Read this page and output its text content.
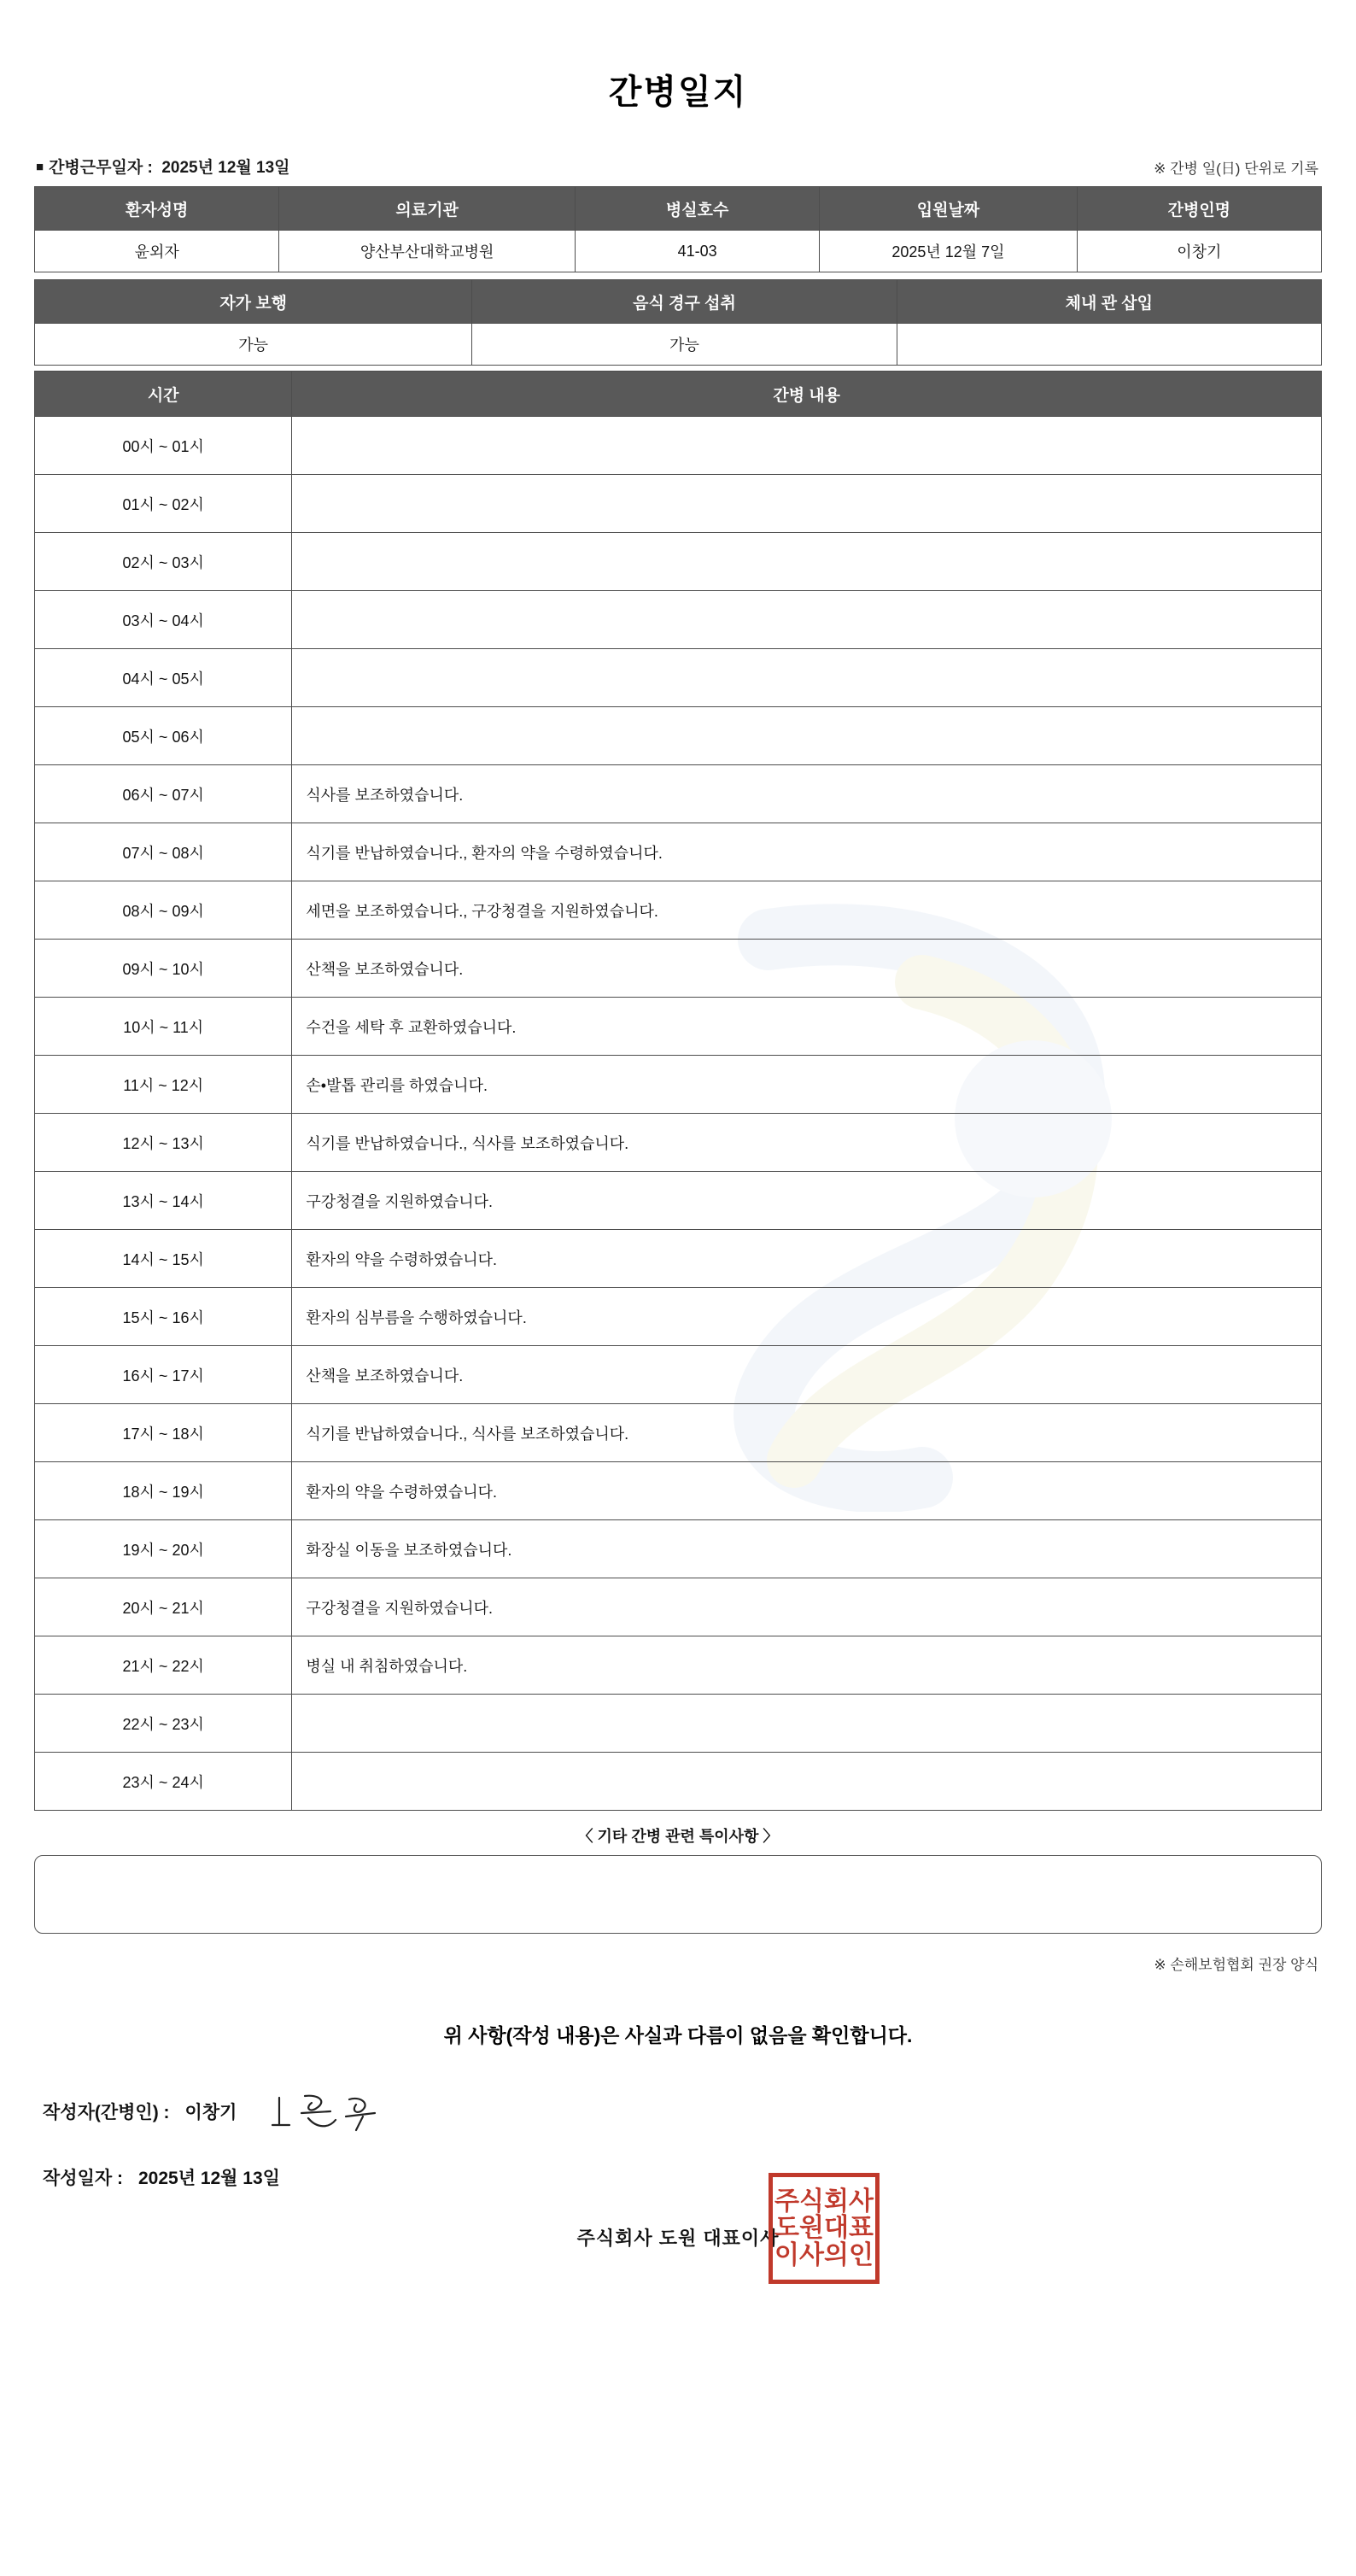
간병일지
■ 간병근무일자 : 2025년 12월 13일	※ 간병 일(日) 단위로 기록
환자성명	의료기관	병실호수	입원날짜	간병인명
윤외자	양산부산대학교병원	41-03	2025년 12월 7일	이창기
자가 보행	음식 경구 섭취	체내 관 삽입
가능	가능	
시간	간병 내용
00시 ~ 01시	
01시 ~ 02시	
02시 ~ 03시	
03시 ~ 04시	
04시 ~ 05시	
05시 ~ 06시	
06시 ~ 07시	식사를 보조하였습니다.
07시 ~ 08시	식기를 반납하였습니다., 환자의 약을 수령하였습니다.
08시 ~ 09시	세면을 보조하였습니다., 구강청결을 지원하였습니다.
09시 ~ 10시	산책을 보조하였습니다.
10시 ~ 11시	수건을 세탁 후 교환하였습니다.
11시 ~ 12시	손•발톱 관리를 하였습니다.
12시 ~ 13시	식기를 반납하였습니다., 식사를 보조하였습니다.
13시 ~ 14시	구강청결을 지원하였습니다.
14시 ~ 15시	환자의 약을 수령하였습니다.
15시 ~ 16시	환자의 심부름을 수행하였습니다.
16시 ~ 17시	산책을 보조하였습니다.
17시 ~ 18시	식기를 반납하였습니다., 식사를 보조하였습니다.
18시 ~ 19시	환자의 약을 수령하였습니다.
19시 ~ 20시	화장실 이동을 보조하였습니다.
20시 ~ 21시	구강청결을 지원하였습니다.
21시 ~ 22시	병실 내 취침하였습니다.
22시 ~ 23시	
23시 ~ 24시	
〈 기타 간병 관련 특이사항 〉
※ 손해보험협회 권장 양식
위 사항(작성 내용)은 사실과 다름이 없음을 확인합니다.
작성자(간병인) : 이창기
작성일자 : 2025년 12월 13일
주식회사 도원 대표이사
주식회사
도원대표
이사의인
